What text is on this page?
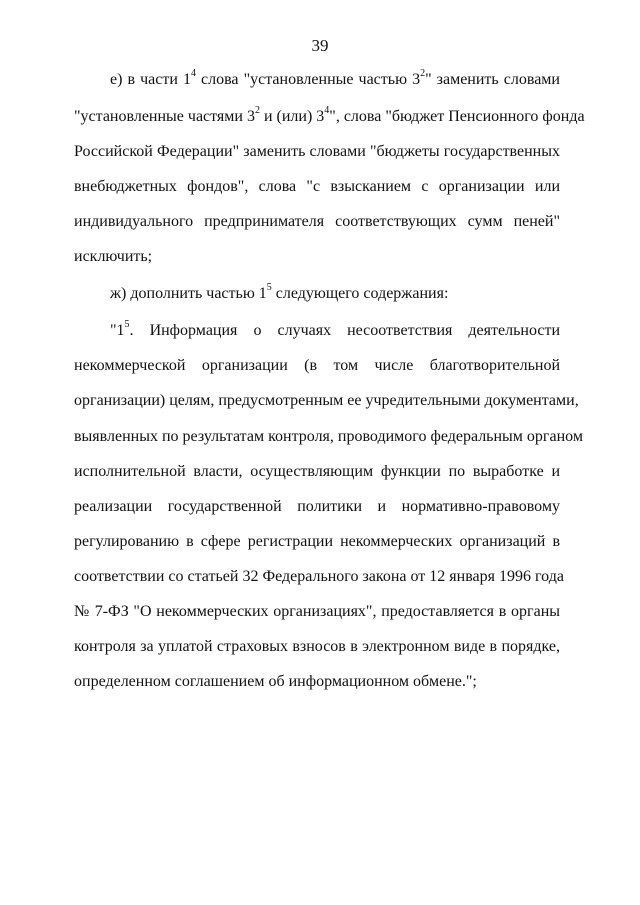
39
е) в части $1^4$ слова "установленные частью $3^2$" заменить словами
"установленные частями $3^2$ и (или) $3^4$", слова "бюджет Пенсионного фонда
Российской Федерации" заменить словами "бюджеты государственных
внебюджетных фондов", слова "с взысканием с организации или
индивидуального предпринимателя соответствующих сумм пеней"
исключить;
ж) дополнить частью $1^5$ следующего содержания:
"$1^5$. Информация о случаях несоответствия деятельности
некоммерческой организации (в том числе благотворительной
организации) целям, предусмотренным ее учредительными документами,
выявленных по результатам контроля, проводимого федеральным органом
исполнительной власти, осуществляющим функции по выработке и
реализации государственной политики и нормативно-правовому
регулированию в сфере регистрации некоммерческих организаций в
соответствии со статьей 32 Федерального закона от 12 января 1996 года
№ 7-ФЗ "О некоммерческих организациях", предоставляется в органы
контроля за уплатой страховых взносов в электронном виде в порядке,
определенном соглашением об информационном обмене.";
